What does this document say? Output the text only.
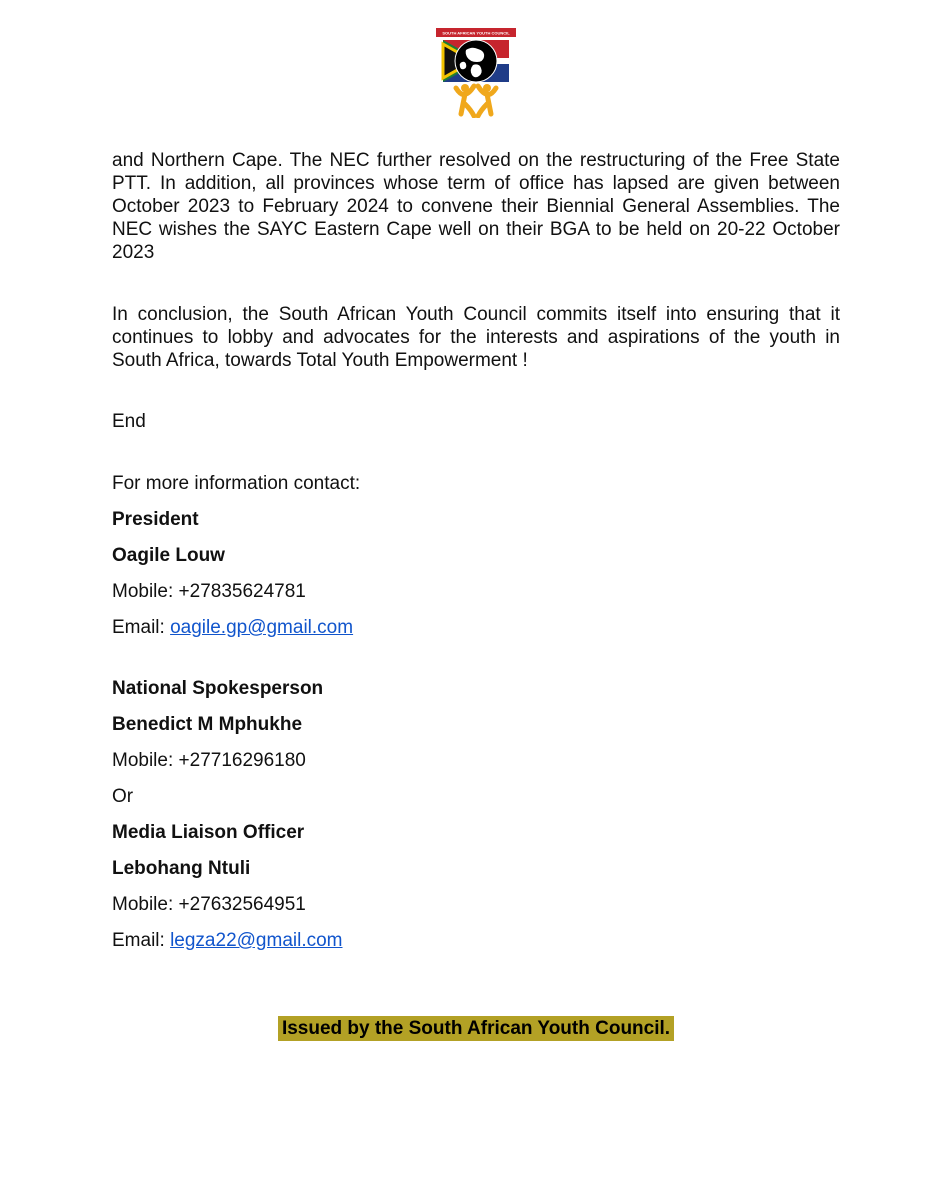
SOUTH AFRICAN YOUTH COUNCIL

and Northern Cape. The NEC further resolved on the restructuring of the Free State PTT. In addition, all provinces whose term of office has lapsed are given between October 2023 to February 2024 to convene their Biennial General Assemblies. The NEC wishes the SAYC Eastern Cape well on their BGA to be held on 20-22 October 2023

In conclusion, the South African Youth Council commits itself into ensuring that it continues to lobby and advocates for the interests and aspirations of the youth in South Africa, towards Total Youth Empowerment !

End

For more information contact:

President

Oagile Louw

Mobile: +27835624781

Email: oagile.gp@gmail.com

National Spokesperson

Benedict M Mphukhe

Mobile: +27716296180

Or

Media Liaison Officer

Lebohang Ntuli

Mobile: +27632564951

Email: legza22@gmail.com

Issued by the South African Youth Council.
